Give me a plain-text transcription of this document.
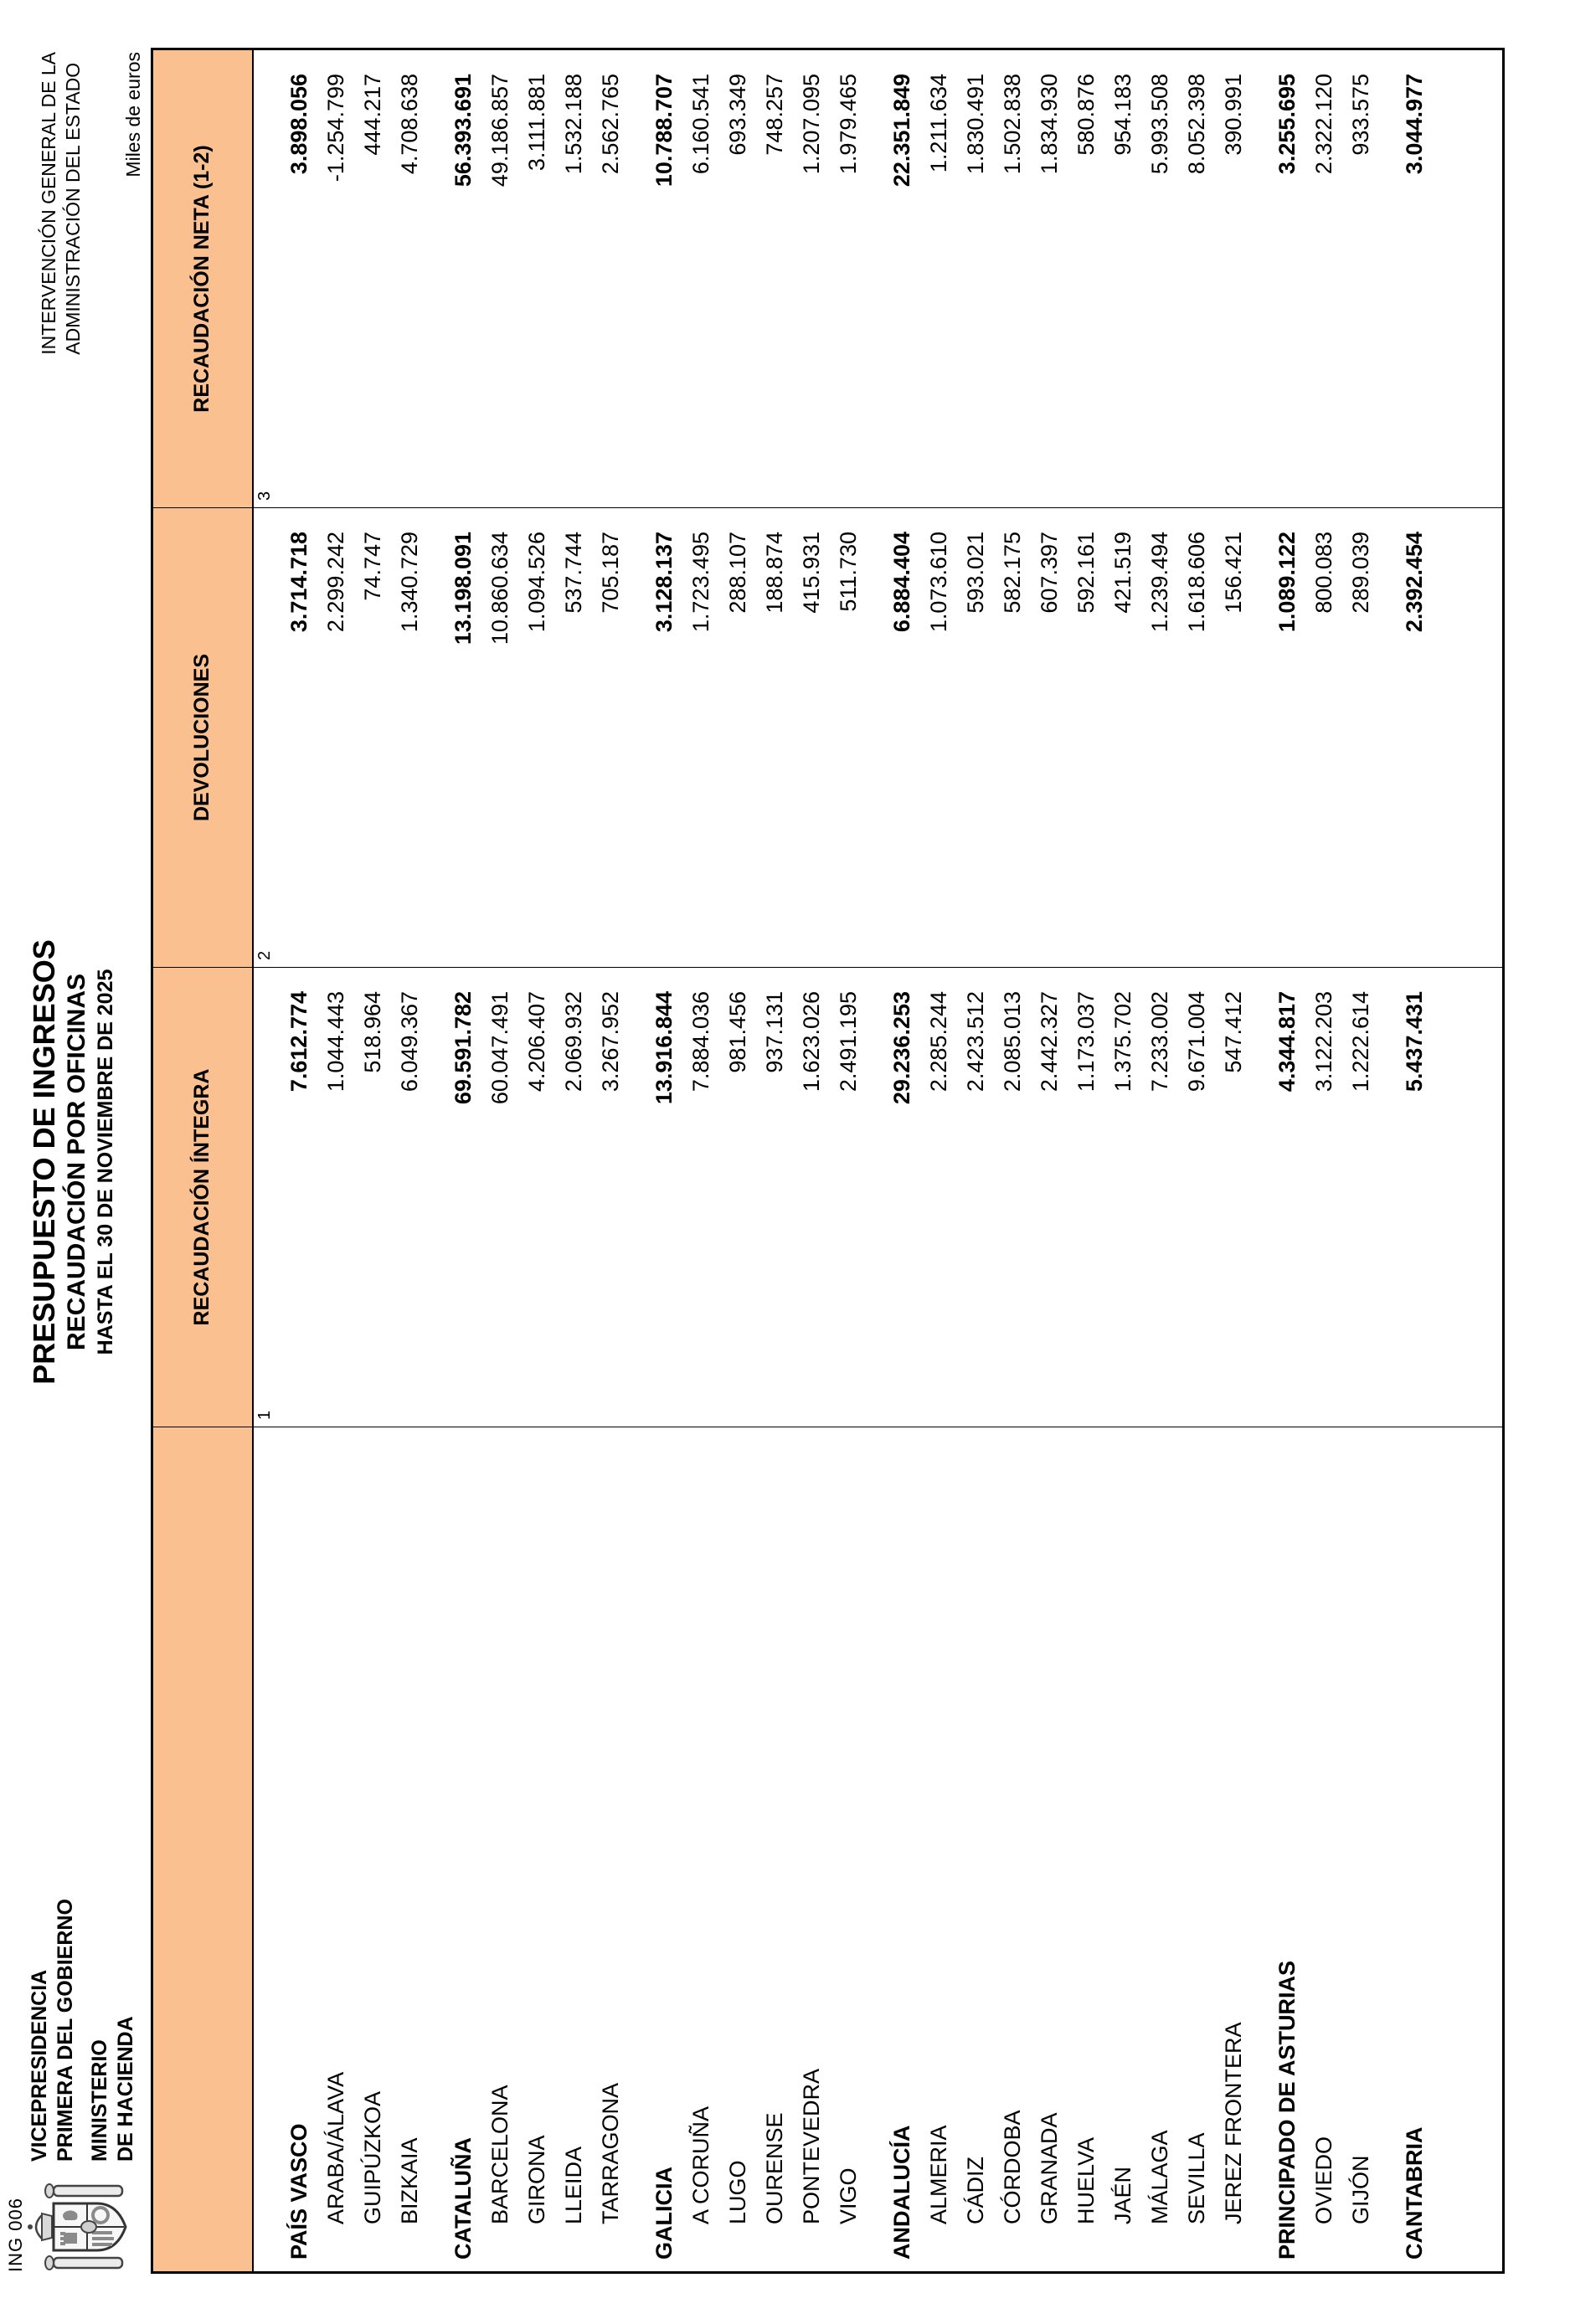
ING 006
VICEPRESIDENCIA PRIMERA DEL GOBIERNO MINISTERIO DE HACIENDA
PRESUPUESTO DE INGRESOS RECAUDACIÓN POR OFICINAS HASTA EL 30 DE NOVIEMBRE DE 2025
INTERVENCIÓN GENERAL DE LA ADMINISTRACIÓN DEL ESTADO Miles de euros
	RECAUDACIÓN ÍNTEGRA	DEVOLUCIONES	RECAUDACIÓN NETA (1-2)
	1	2	3
PAÍS VASCO	7.612.774	3.714.718	3.898.056
ARABA/ÁLAVA	1.044.443	2.299.242	-1.254.799
GUIPÚZKOA	518.964	74.747	444.217
BIZKAIA	6.049.367	1.340.729	4.708.638

CATALUÑA	69.591.782	13.198.091	56.393.691
BARCELONA	60.047.491	10.860.634	49.186.857
GIRONA	4.206.407	1.094.526	3.111.881
LLEIDA	2.069.932	537.744	1.532.188
TARRAGONA	3.267.952	705.187	2.562.765

GALICIA	13.916.844	3.128.137	10.788.707
A CORUÑA	7.884.036	1.723.495	6.160.541
LUGO	981.456	288.107	693.349
OURENSE	937.131	188.874	748.257
PONTEVEDRA	1.623.026	415.931	1.207.095
VIGO	2.491.195	511.730	1.979.465

ANDALUCÍA	29.236.253	6.884.404	22.351.849
ALMERIA	2.285.244	1.073.610	1.211.634
CÁDIZ	2.423.512	593.021	1.830.491
CÓRDOBA	2.085.013	582.175	1.502.838
GRANADA	2.442.327	607.397	1.834.930
HUELVA	1.173.037	592.161	580.876
JAÉN	1.375.702	421.519	954.183
MÁLAGA	7.233.002	1.239.494	5.993.508
SEVILLA	9.671.004	1.618.606	8.052.398
JEREZ FRONTERA	547.412	156.421	390.991

PRINCIPADO DE ASTURIAS	4.344.817	1.089.122	3.255.695
OVIEDO	3.122.203	800.083	2.322.120
GIJÓN	1.222.614	289.039	933.575

CANTABRIA	5.437.431	2.392.454	3.044.977
